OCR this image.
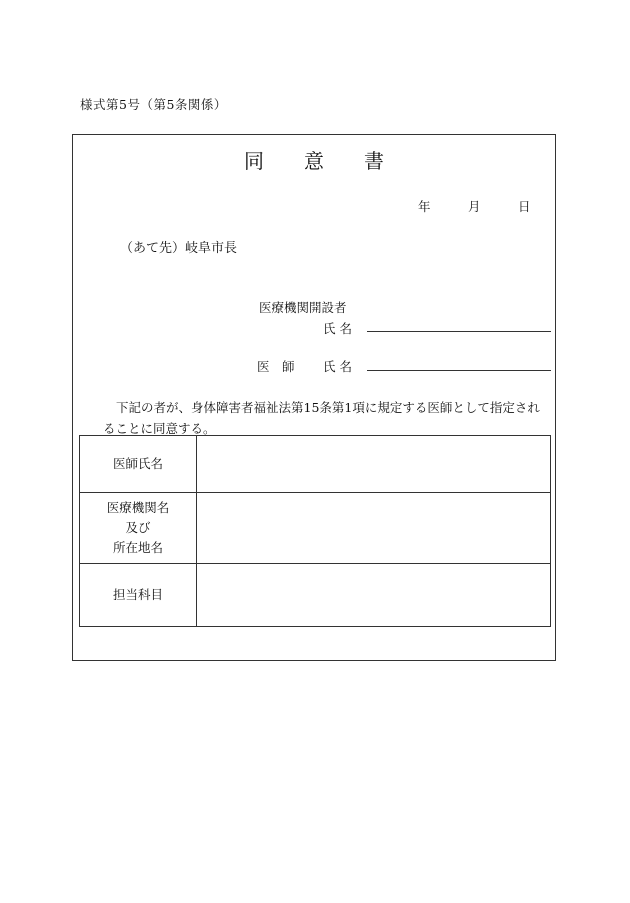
様式第5号（第5条関係）
同 意 書
年	月	日
（あて先）岐阜市長
医療機関開設者
氏 名
医　師 氏 名
下記の者が、身体障害者福祉法第15条第1項に規定する医師として指定され
ることに同意する。
医師氏名	
医療機関名
及び
所在地名	
担当科目	
